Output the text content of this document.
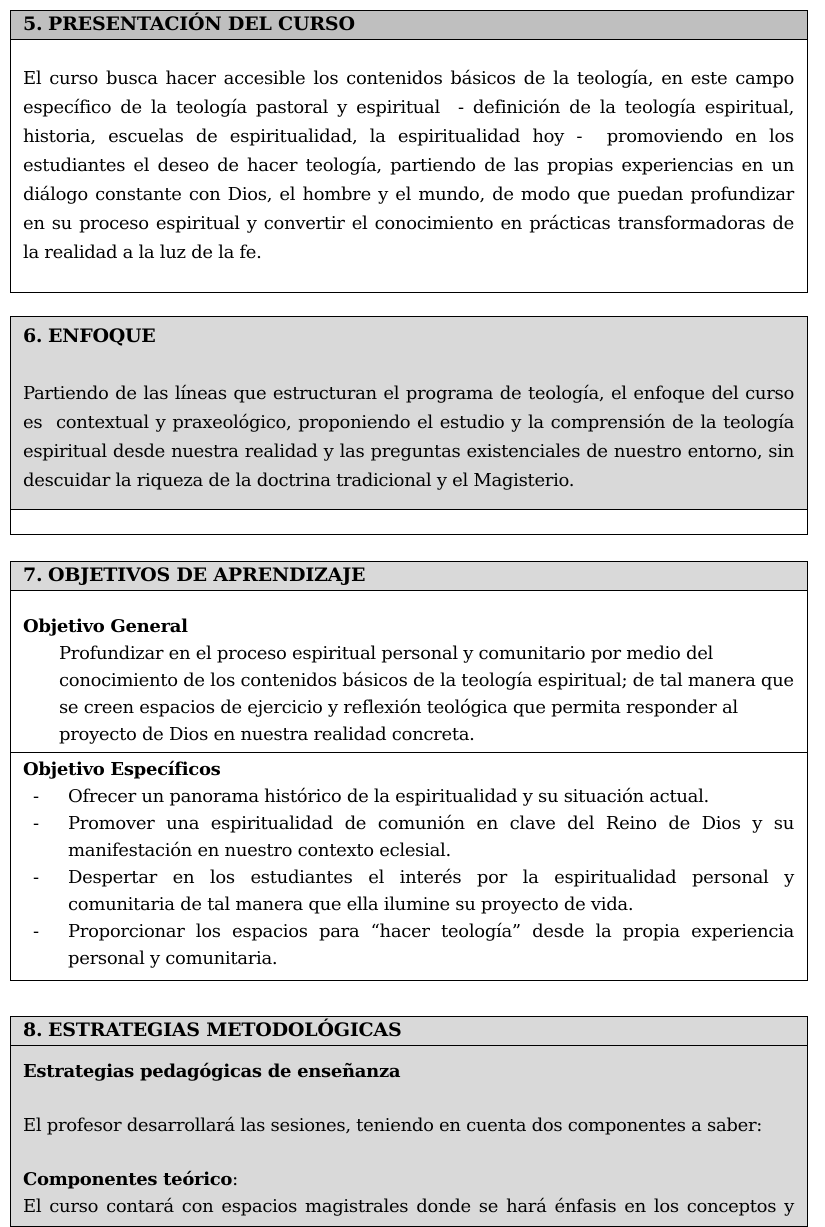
5. PRESENTACIÓN DEL CURSO
El curso busca hacer accesible los contenidos básicos de la teología, en este campo específico de la teología pastoral y espiritual  - definición de la teología espiritual, historia, escuelas de espiritualidad, la espiritualidad hoy -  promoviendo en los estudiantes el deseo de hacer teología, partiendo de las propias experiencias en un diálogo constante con Dios, el hombre y el mundo, de modo que puedan profundizar en su proceso espiritual y convertir el conocimiento en prácticas transformadoras de la realidad a la luz de la fe.
6. ENFOQUE

Partiendo de las líneas que estructuran el programa de teología, el enfoque del curso es  contextual y praxeológico, proponiendo el estudio y la comprensión de la teología espiritual desde nuestra realidad y las preguntas existenciales de nuestro entorno, sin descuidar la riqueza de la doctrina tradicional y el Magisterio.

7. OBJETIVOS DE APRENDIZAJE
Objetivo General

Profundizar en el proceso espiritual personal y comunitario por medio del conocimiento de los contenidos básicos de la teología espiritual; de tal manera que se creen espacios de ejercicio y reflexión teológica que permita responder al proyecto de Dios en nuestra realidad concreta.

Objetivo Específicos
-	Ofrecer un panorama histórico de la espiritualidad y su situación actual.
-	Promover una espiritualidad de comunión en clave del Reino de Dios y su manifestación en nuestro contexto eclesial.
-	Despertar en los estudiantes el interés por la espiritualidad personal y comunitaria de tal manera que ella ilumine su proyecto de vida.
-	Proporcionar los espacios para “hacer teología” desde la propia experiencia personal y comunitaria.
8. ESTRATEGIAS METODOLÓGICAS

Estrategias pedagógicas de enseñanza

El profesor desarrollará las sesiones, teniendo en cuenta dos componentes a saber:

Componentes teórico:

El curso contará con espacios magistrales donde se hará énfasis en los conceptos y
